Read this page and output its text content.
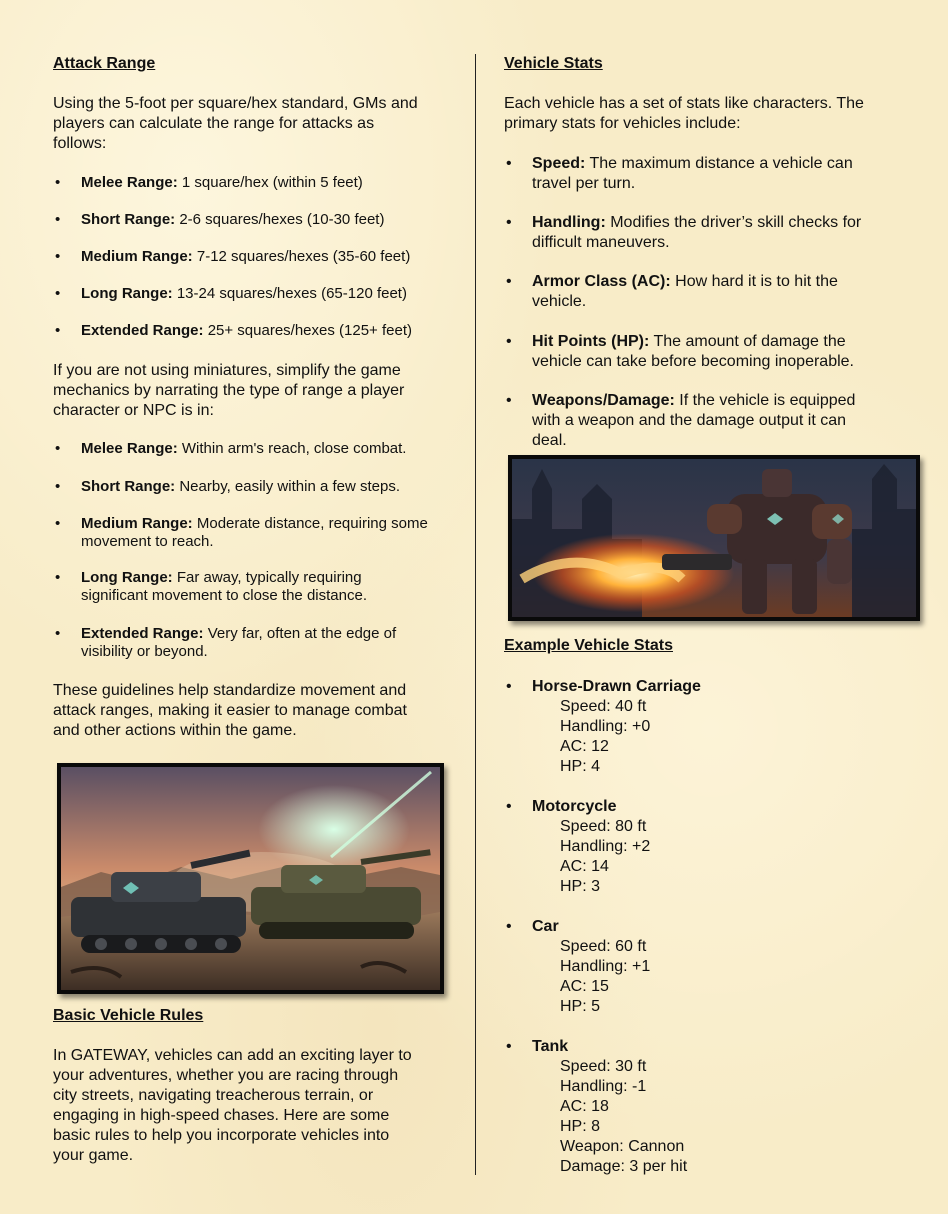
Attack Range
Using the 5-foot per square/hex standard, GMs and
players can calculate the range for attacks as
follows:
• Melee Range: 1 square/hex (within 5 feet)
• Short Range: 2-6 squares/hexes (10-30 feet)
• Medium Range: 7-12 squares/hexes (35-60 feet)
• Long Range: 13-24 squares/hexes (65-120 feet)
• Extended Range: 25+ squares/hexes (125+ feet)
If you are not using miniatures, simplify the game
mechanics by narrating the type of range a player
character or NPC is in:
• Melee Range: Within arm's reach, close combat.
• Short Range: Nearby, easily within a few steps.
• Medium Range: Moderate distance, requiring some
movement to reach.
• Long Range: Far away, typically requiring
significant movement to close the distance.
• Extended Range: Very far, often at the edge of
visibility or beyond.
These guidelines help standardize movement and
attack ranges, making it easier to manage combat
and other actions within the game.
Basic Vehicle Rules
In GATEWAY, vehicles can add an exciting layer to
your adventures, whether you are racing through
city streets, navigating treacherous terrain, or
engaging in high-speed chases. Here are some
basic rules to help you incorporate vehicles into
your game.
Vehicle Stats
Each vehicle has a set of stats like characters. The
primary stats for vehicles include:
• Speed: The maximum distance a vehicle can
travel per turn.
• Handling: Modifies the driver’s skill checks for
difficult maneuvers.
• Armor Class (AC): How hard it is to hit the
vehicle.
• Hit Points (HP): The amount of damage the
vehicle can take before becoming inoperable.
• Weapons/Damage: If the vehicle is equipped
with a weapon and the damage output it can
deal.
Example Vehicle Stats
• Horse-Drawn Carriage
Speed: 40 ft
Handling: +0
AC: 12
HP: 4
• Motorcycle
Speed: 80 ft
Handling: +2
AC: 14
HP: 3
• Car
Speed: 60 ft
Handling: +1
AC: 15
HP: 5
• Tank
Speed: 30 ft
Handling: -1
AC: 18
HP: 8
Weapon: Cannon
Damage: 3 per hit
